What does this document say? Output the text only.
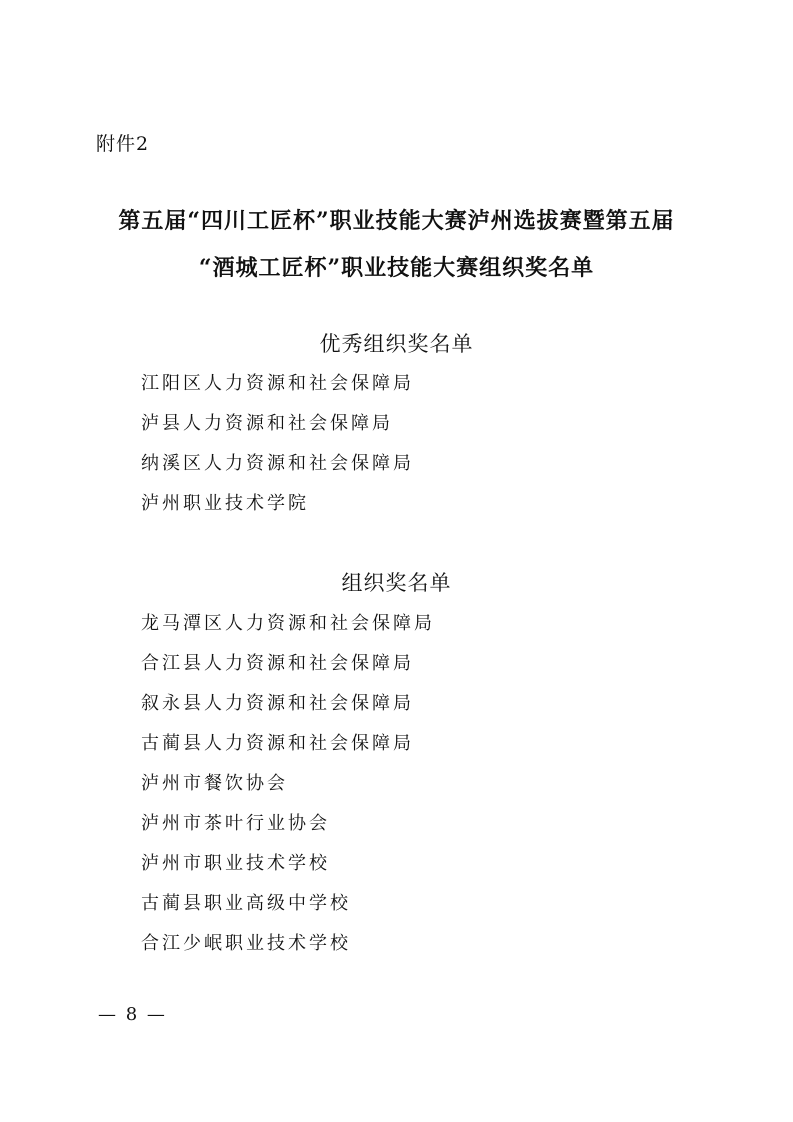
附件2
第五届“四川工匠杯”职业技能大赛泸州选拔赛暨第五届
“酒城工匠杯”职业技能大赛组织奖名单
优秀组织奖名单
江阳区人力资源和社会保障局
泸县人力资源和社会保障局
纳溪区人力资源和社会保障局
泸州职业技术学院
组织奖名单
龙马潭区人力资源和社会保障局
合江县人力资源和社会保障局
叙永县人力资源和社会保障局
古蔺县人力资源和社会保障局
泸州市餐饮协会
泸州市茶叶行业协会
泸州市职业技术学校
古蔺县职业高级中学校
合江少岷职业技术学校
— 8 —
